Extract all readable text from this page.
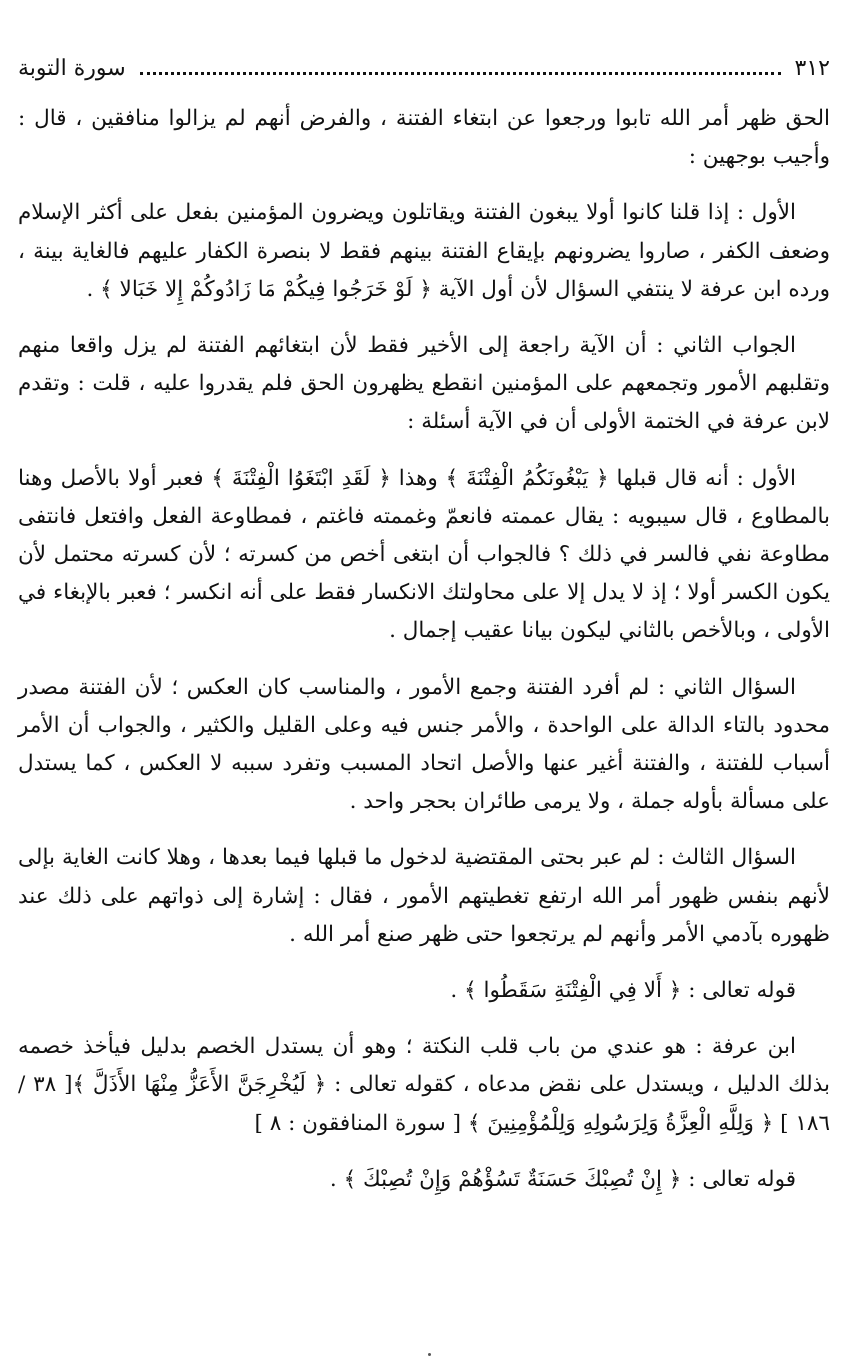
٣١٢
سورة التوبة

الحق ظهر أمر الله تابوا ورجعوا عن ابتغاء الفتنة ، والفرض أنهم لم يزالوا منافقين ، قال : وأجيب بوجهين :

الأول : إذا قلنا كانوا أولا يبغون الفتنة ويقاتلون ويضرون المؤمنين بفعل على أكثر الإسلام وضعف الكفر ، صاروا يضرونهم بإيقاع الفتنة بينهم فقط لا بنصرة الكفار عليهم فالغاية بينة ، ورده ابن عرفة لا ينتفي السؤال لأن أول الآية ﴿ لَوْ خَرَجُوا فِيكُمْ مَا زَادُوكُمْ إِلا خَبَالا ﴾ .

الجواب الثاني : أن الآية راجعة إلى الأخير فقط لأن ابتغائهم الفتنة لم يزل واقعا منهم وتقلبهم الأمور وتجمعهم على المؤمنين انقطع يظهرون الحق فلم يقدروا عليه ، قلت : وتقدم لابن عرفة في الختمة الأولى أن في الآية أسئلة :

الأول : أنه قال قبلها ﴿ يَبْغُونَكُمُ الْفِتْنَةَ ﴾ وهذا ﴿ لَقَدِ ابْتَغَوُا الْفِتْنَةَ ﴾ فعبر أولا بالأصل وهنا بالمطاوع ، قال سيبويه : يقال عممته فانعمّ وغممته فاغتم ، فمطاوعة الفعل وافتعل فانتفى مطاوعة نفي فالسر في ذلك ؟ فالجواب أن ابتغى أخص من كسرته ؛ لأن كسرته محتمل لأن يكون الكسر أولا ؛ إذ لا يدل إلا على محاولتك الانكسار فقط على أنه انكسر ؛ فعبر بالإبغاء في الأولى ، وبالأخص بالثاني ليكون بيانا عقيب إجمال .

السؤال الثاني : لم أفرد الفتنة وجمع الأمور ، والمناسب كان العكس ؛ لأن الفتنة مصدر محدود بالتاء الدالة على الواحدة ، والأمر جنس فيه وعلى القليل والكثير ، والجواب أن الأمر أسباب للفتنة ، والفتنة أغير عنها والأصل اتحاد المسبب وتفرد سببه لا العكس ، كما يستدل على مسألة بأوله جملة ، ولا يرمى طائران بحجر واحد .

السؤال الثالث : لم عبر بحتى المقتضية لدخول ما قبلها فيما بعدها ، وهلا كانت الغاية بإلى لأنهم بنفس ظهور أمر الله ارتفع تغطيتهم الأمور ، فقال : إشارة إلى ذواتهم على ذلك عند ظهوره بآدمي الأمر وأنهم لم يرتجعوا حتى ظهر صنع أمر الله .

قوله تعالى : ﴿ أَلا فِي الْفِتْنَةِ سَقَطُوا ﴾ .

ابن عرفة : هو عندي من باب قلب النكتة ؛ وهو أن يستدل الخصم بدليل فيأخذ خصمه بذلك الدليل ، ويستدل على نقض مدعاه ، كقوله تعالى : ﴿ لَيُخْرِجَنَّ الأَعَزُّ مِنْهَا الأَذَلَّ ﴾[ ٣٨ / ١٨٦ ] ﴿ وَلِلَّهِ الْعِزَّةُ وَلِرَسُولِهِ وَلِلْمُؤْمِنِينَ ﴾ [ سورة المنافقون : ٨ ]

قوله تعالى : ﴿ إِنْ تُصِبْكَ حَسَنَةٌ تَسُؤْهُمْ وَإِنْ تُصِبْكَ ﴾ .
